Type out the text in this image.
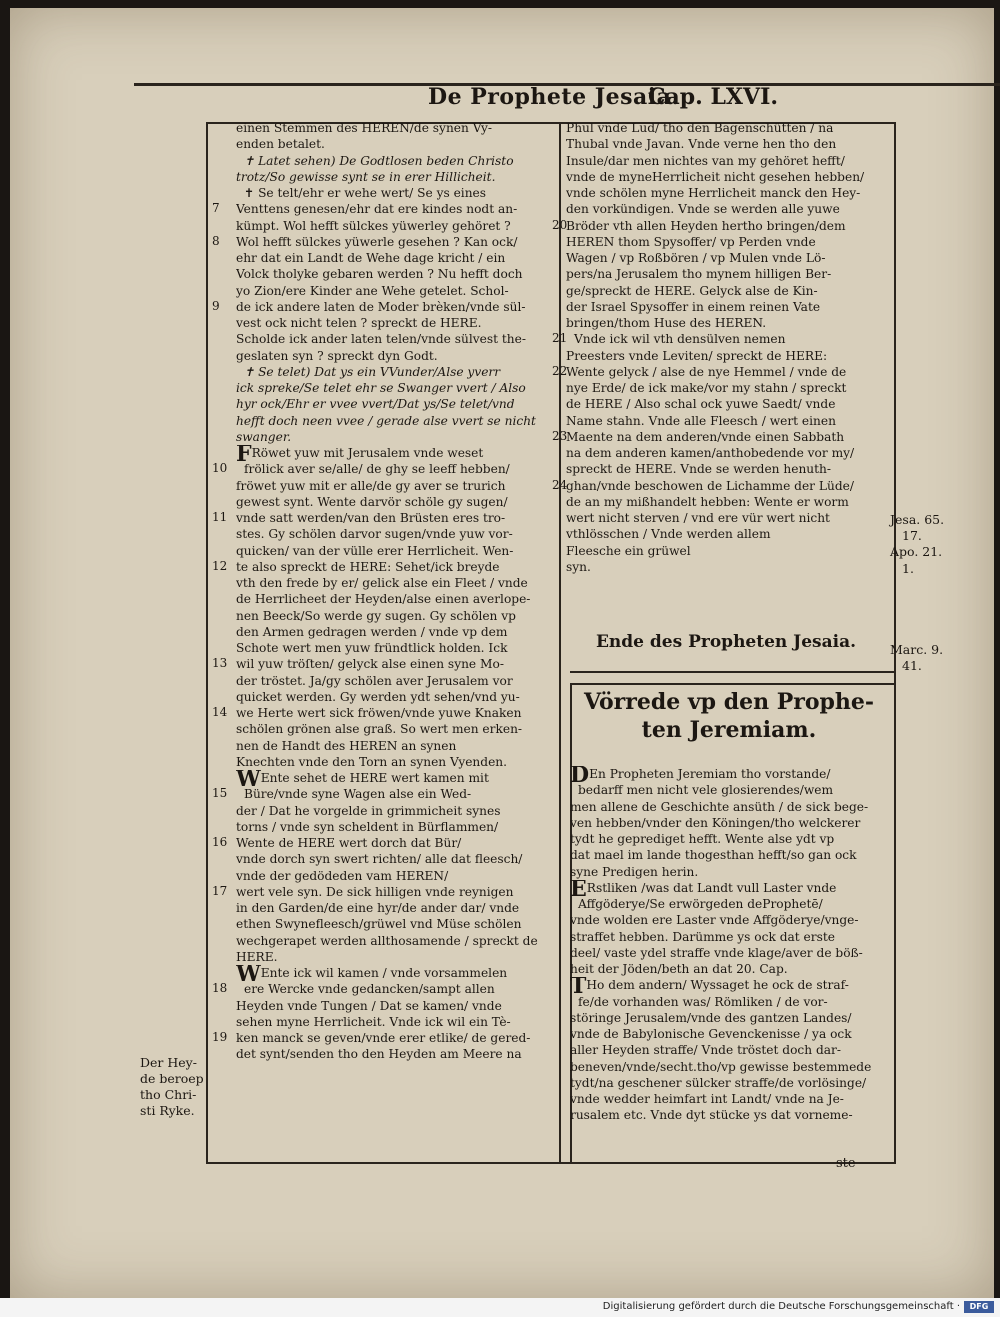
De Prophete Jesaia.
Cap. LXVI.

einen Stemmen des HEREN/de synen Vy-

enden betalet.

✝ Latet sehen) De Godtlosen beden Christo

trotz/So gewisse synt se in erer Hillicheit.

✝ Se telt/ehr er wehe wert/ Se ys eines

Venttens genesen/ehr dat ere kindes nodt an-

kümpt. Wol hefft sülckes yüwerley gehöret ?

Wol hefft sülckes yüwerle gesehen ? Kan ock/

ehr dat ein Landt de Wehe dage kricht / ein

Volck tholyke gebaren werden ? Nu hefft doch

yo Zion/ere Kinder ane Wehe getelet. Schol-

de ick andere laten de Moder brèken/vnde sül-

vest ock nicht telen ? spreckt de HERE.

Scholde ick ander laten telen/vnde sülvest the-

geslaten syn ? spreckt dyn Godt.

✝ Se telet) Dat ys ein VVunder/Alse yverr

ick spreke/Se telet ehr se Swanger vvert / Also

hyr ock/Ehr er vvee vvert/Dat ys/Se telet/vnd

hefft doch neen vvee / gerade alse vvert se nicht

swanger.

FRöwet yuw mit Jerusalem vnde weset

frölick aver se/alle/ de ghy se leeff hebben/

fröwet yuw mit er alle/de gy aver se trurich

gewest synt. Wente darvör schöle gy sugen/

vnde satt werden/van den Brüsten eres tro-

stes. Gy schölen darvor sugen/vnde yuw vor-

quicken/ van der vülle erer Herrlicheit. Wen-

te also spreckt de HERE: Sehet/ick breyde

vth den frede by er/ gelick alse ein Fleet / vnde

de Herrlicheet der Heyden/alse einen averlope-

nen Beeck/So werde gy sugen. Gy schölen vp

den Armen gedragen werden / vnde vp dem

Schote wert men yuw fründtlick holden. Ick

wil yuw tröſten/ gelyck alse einen syne Mo-

der tröstet. Ja/gy schölen aver Jerusalem vor

quicket werden. Gy werden ydt sehen/vnd yu-

we Herte wert sick fröwen/vnde yuwe Knaken

schölen grönen alse graß. So wert men erken-

nen de Handt des HEREN an synen

Knechten vnde den Torn an synen Vyenden.

WEnte sehet de HERE wert kamen mit

Büre/vnde syne Wagen alse ein Wed-

der / Dat he vorgelde in grimmicheit synes

torns / vnde syn scheldent in Bürflammen/

Wente de HERE wert dorch dat Bür/

vnde dorch syn swert richten/ alle dat fleesch/

vnde der gedödeden vam HEREN/

wert vele syn. De sick hilligen vnde reynigen

in den Garden/de eine hyr/de ander dar/ vnde

ethen Swynefleesch/grüwel vnd Müse schölen

wechgerapet werden allthosamende / spreckt de

HERE.

WEnte ick wil kamen / vnde vorsammelen

ere Wercke vnde gedancken/sampt allen

Heyden vnde Tungen / Dat se kamen/ vnde

sehen myne Herrlicheit. Vnde ick wil ein Tè-

ken manck se geven/vnde erer etlike/ de gered-

det synt/senden tho den Heyden am Meere na

7
8
9
10
11
12
13
14
15
16
17
18
19
Der Hey-
de beroep
tho Chri-
sti Ryke.

Phul vnde Lud/ tho den Bagenschütten / na

Thubal vnde Javan. Vnde verne hen tho den

Insule/dar men nichtes van my gehöret hefft/

vnde de myneHerrlicheit nicht gesehen hebben/

vnde schölen myne Herrlicheit manck den Hey-

den vorkündigen. Vnde se werden alle yuwe

Bröder vth allen Heyden hertho bringen/dem

HEREN thom Spysoffer/ vp Perden vnde

Wagen / vp Roßbören / vp Mulen vnde Lö-

pers/na Jerusalem tho mynem hilligen Ber-

ge/spreckt de HERE. Gelyck alse de Kin-

der Israel Spysoffer in einem reinen Vate

bringen/thom Huse des HEREN.

Vnde ick wil vth densülven nemen

Preesters vnde Leviten/ spreckt de HERE:

Wente gelyck / alse de nye Hemmel / vnde de

nye Erde/ de ick make/vor my stahn / spreckt

de HERE / Also schal ock yuwe Saedt/ vnde

Name stahn. Vnde alle Fleesch / wert einen

Maente na dem anderen/vnde einen Sabbath

na dem anderen kamen/anthobedende vor my/

spreckt de HERE. Vnde se werden henuth-

ghan/vnde beschowen de Lichamme der Lüde/

de an my mißhandelt hebben: Wente er worm

wert nicht sterven / vnd ere vür wert nicht

vthlösschen / Vnde werden allem

Fleesche ein grüwel

syn.

20
21
22
23
24
Jesa. 65.
17.
Apo. 21.
1.
Marc. 9.
41.
Ende des Propheten Jesaia.
Vörrede vp den Prophe-
ten Jeremiam.

DEn Propheten Jeremiam tho vorstande/

bedarff men nicht vele glosierendes/wem

men allene de Geschichte ansüth / de sick bege-

ven hebben/vnder den Köningen/tho welckerer

tydt he geprediget hefft. Wente alse ydt vp

dat mael im lande thogesthan hefft/so gan ock

syne Predigen herin.

ERstliken /was dat Landt vull Laster vnde

Affgöderye/Se erwörgeden deProphetē/

vnde wolden ere Laster vnde Affgöderye/vnge-

straffet hebben. Darümme ys ock dat erste

deel/ vaste ydel straffe vnde klage/aver de böß-

heit der Jöden/beth an dat 20. Cap.

THo dem andern/ Wyssaget he ock de straf-

fe/de vorhanden was/ Römliken / de vor-

störinge Jerusalem/vnde des gantzen Landes/

vnde de Babylonische Gevenckenisse / ya ock

aller Heyden straffe/ Vnde tröstet doch dar-

beneven/vnde/secht.tho/vp gewisse bestemmede

tydt/na geschener sülcker straffe/de vorlösinge/

vnde wedder heimfart int Landt/ vnde na Je-

rusalem etc. Vnde dyt stücke ys dat vorneme-

ste
Digitalisierung gefördert durch die Deutsche Forschungsgemeinschaft ·	DFG
